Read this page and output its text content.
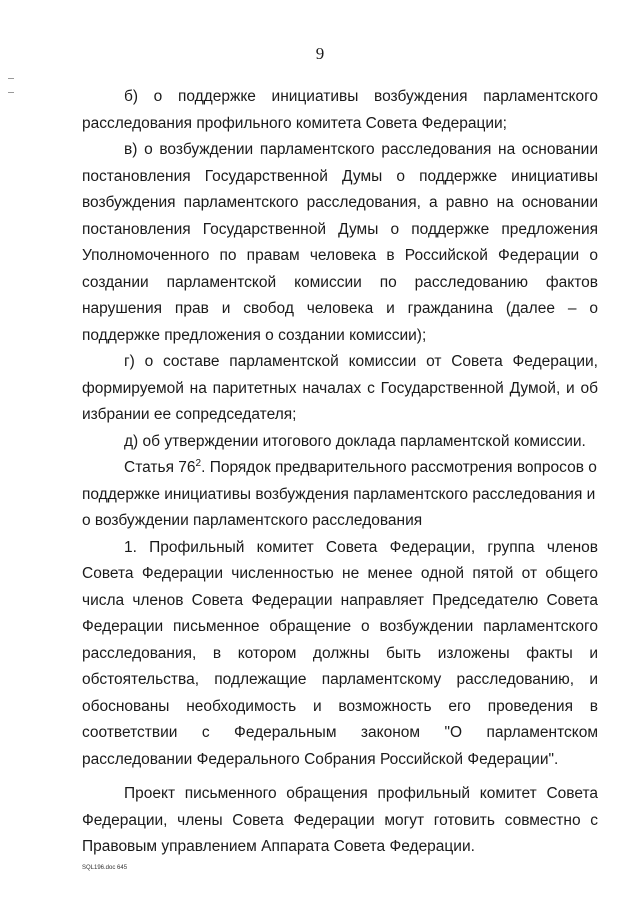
9

б) о поддержке инициативы возбуждения парламентского расследования профильного комитета Совета Федерации;

в) о возбуждении парламентского расследования на основании постановления Государственной Думы о поддержке инициативы возбуждения парламентского расследования, а равно на основании постановления Государственной Думы о поддержке предложения Уполномоченного по правам человека в Российской Федерации о создании парламентской комиссии по расследованию фактов нарушения прав и свобод человека и гражданина (далее – о поддержке предложения о создании комиссии);

г) о составе парламентской комиссии от Совета Федерации, формируемой на паритетных началах с Государственной Думой, и об избрании ее сопредседателя;

д) об утверждении итогового доклада парламентской комиссии.

Статья $76^2$. Порядок предварительного рассмотрения вопросов о поддержке инициативы возбуждения парламентского расследования и о возбуждении парламентского расследования

1. Профильный комитет Совета Федерации, группа членов Совета Федерации численностью не менее одной пятой от общего числа членов Совета Федерации направляет Председателю Совета Федерации письменное обращение о возбуждении парламентского расследования, в котором должны быть изложены факты и обстоятельства, подлежащие парламентскому расследованию, и обоснованы необходимость и возможность его проведения в соответствии с Федеральным законом "О парламентском расследовании Федерального Собрания Российской Федерации".

Проект письменного обращения профильный комитет Совета Федерации, члены Совета Федерации могут готовить совместно с Правовым управлением Аппарата Совета Федерации.

SQL196.doc 645
